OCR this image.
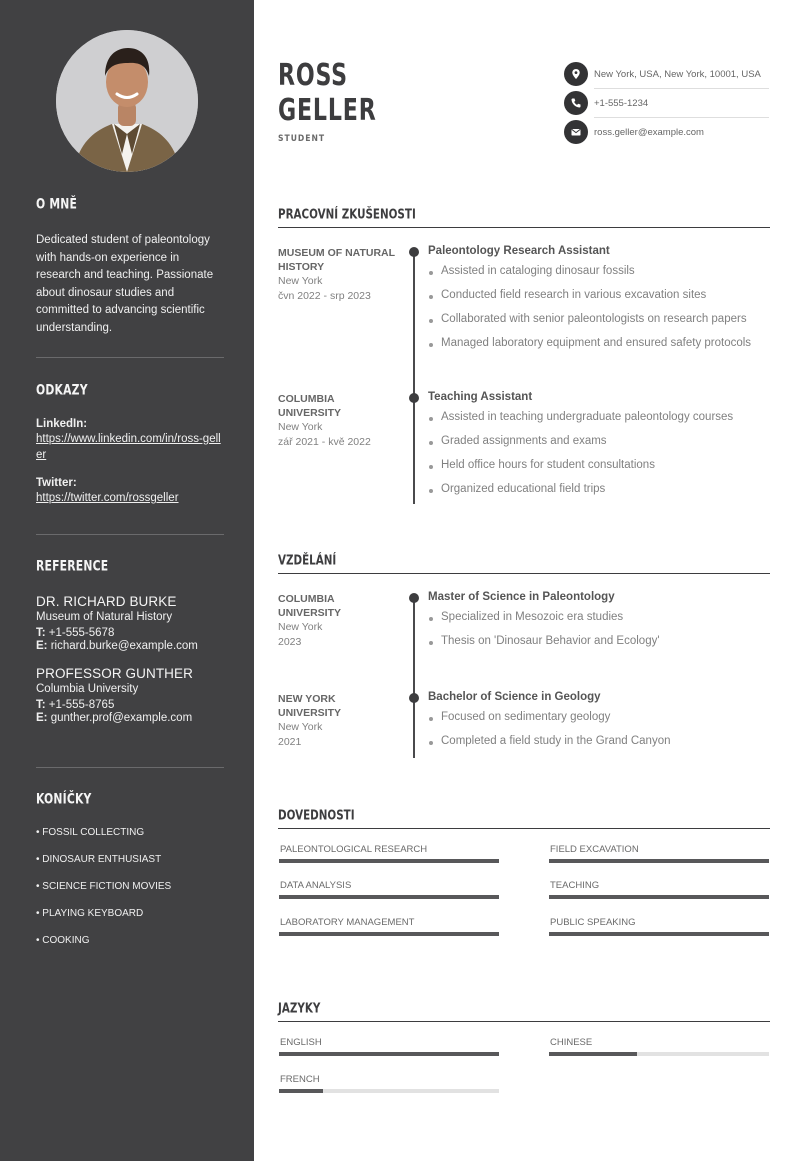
O MNĚ
Dedicated student of paleontology with hands-on experience in research and teaching. Passionate about dinosaur studies and committed to advancing scientific understanding.
ODKAZY
LinkedIn:
https://www.linkedin.com/in/ross-geller
Twitter:
https://twitter.com/rossgeller
REFERENCE
DR. RICHARD BURKE
Museum of Natural History
T: +1-555-5678
E: richard.burke@example.com
PROFESSOR GUNTHER
Columbia University
T: +1-555-8765
E: gunther.prof@example.com
KONÍČKY
• FOSSIL COLLECTING
• DINOSAUR ENTHUSIAST
• SCIENCE FICTION MOVIES
• PLAYING KEYBOARD
• COOKING
ROSS
GELLER
STUDENT
New York, USA, New York, 10001, USA
+1-555-1234
ross.geller@example.com
PRACOVNÍ ZKUŠENOSTI
MUSEUM OF NATURAL HISTORY
New York
čvn 2022 - srp 2023
Paleontology Research Assistant
Assisted in cataloging dinosaur fossils
Conducted field research in various excavation sites
Collaborated with senior paleontologists on research papers
Managed laboratory equipment and ensured safety protocols
COLUMBIA UNIVERSITY
New York
zář 2021 - kvě 2022
Teaching Assistant
Assisted in teaching undergraduate paleontology courses
Graded assignments and exams
Held office hours for student consultations
Organized educational field trips
VZDĚLÁNÍ
COLUMBIA UNIVERSITY
New York
2023
Master of Science in Paleontology
Specialized in Mesozoic era studies
Thesis on 'Dinosaur Behavior and Ecology'
NEW YORK UNIVERSITY
New York
2021
Bachelor of Science in Geology
Focused on sedimentary geology
Completed a field study in the Grand Canyon
DOVEDNOSTI
PALEONTOLOGICAL RESEARCH	FIELD EXCAVATION
DATA ANALYSIS	TEACHING
LABORATORY MANAGEMENT	PUBLIC SPEAKING
JAZYKY
ENGLISH	CHINESE
FRENCH
